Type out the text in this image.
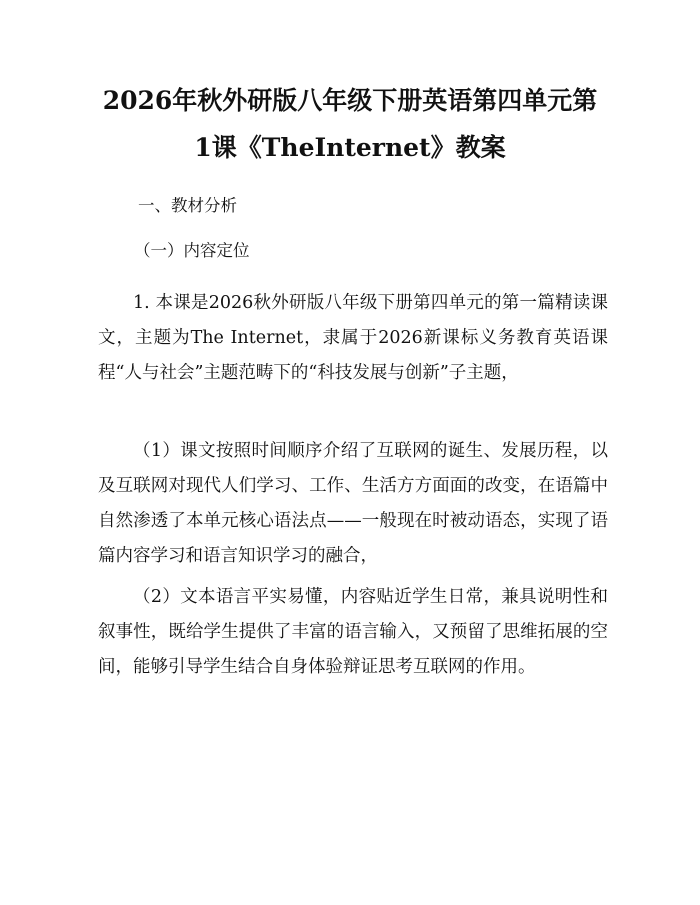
2026年秋外研版八年级下册英语第四单元第
1课《TheInternet》教案

一、教材分析

（一）内容定位

1. 本课是2026秋外研版八年级下册第四单元的第一篇精读课文，主题为The Internet，隶属于2026新课标义务教育英语课程“人与社会”主题范畴下的“科技发展与创新”子主题，

（1）课文按照时间顺序介绍了互联网的诞生、发展历程，以及互联网对现代人们学习、工作、生活方方面面的改变，在语篇中自然渗透了本单元核心语法点——一般现在时被动语态，实现了语篇内容学习和语言知识学习的融合，

（2）文本语言平实易懂，内容贴近学生日常，兼具说明性和叙事性，既给学生提供了丰富的语言输入，又预留了思维拓展的空间，能够引导学生结合自身体验辩证思考互联网的作用。
